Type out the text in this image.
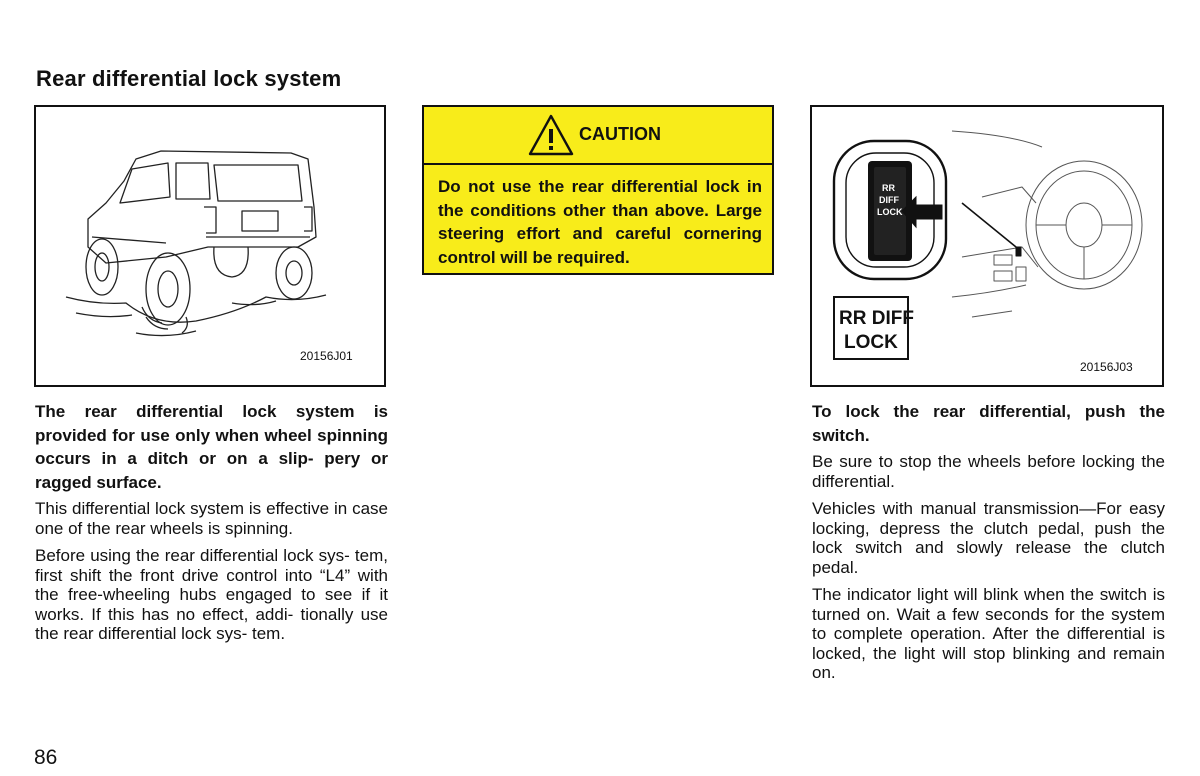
Rear differential lock system
20156J01
CAUTION
Do not use the rear differential lock in the conditions other than above. Large steering effort and careful cornering control will be required.
RR
DIFF
LOCK
RR DIFF
LOCK
20156J03

The rear differential lock system is provided for use only when wheel spinning occurs in a ditch or on a slip- pery or ragged surface.

This differential lock system is effective in case one of the rear wheels is spinning.

Before using the rear differential lock sys- tem, first shift the front drive control into “L4” with the free-wheeling hubs engaged to see if it works. If this has no effect, addi- tionally use the rear differential lock sys- tem.

To lock the rear differential, push the switch.

Be sure to stop the wheels before locking the differential.

Vehicles with manual transmission—For easy locking, depress the clutch pedal, push the lock switch and slowly release the clutch pedal.

The indicator light will blink when the switch is turned on. Wait a few seconds for the system to complete operation. After the differential is locked, the light will stop blinking and remain on.

86
